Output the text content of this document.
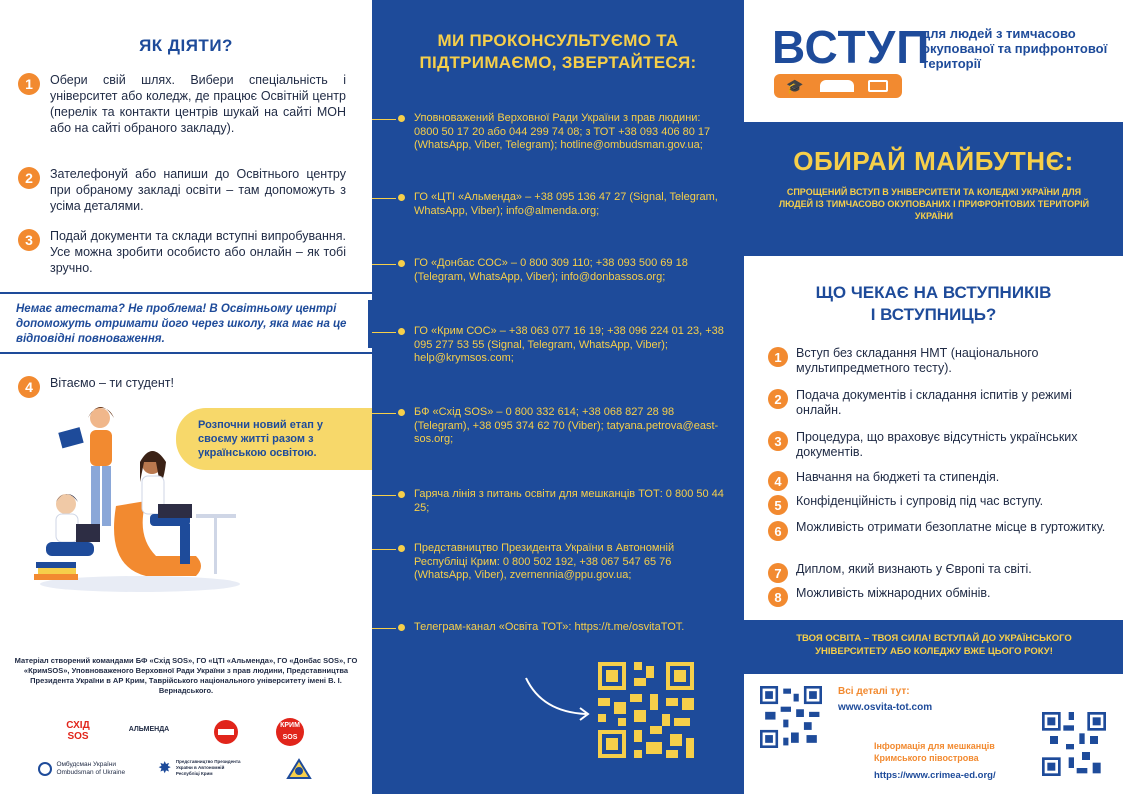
ЯК ДІЯТИ?
1	Обери свій шлях. Вибери спеціальність і університет або коледж, де працює Освітній центр (перелік та контакти центрів шукай на сайті МОН або на сайті обраного закладу).

2	Зателефонуй або напиши до Освітнього центру при обраному закладі освіти – там допоможуть з усіма деталями.

3	Подай документи та склади вступні випробування. Усе можна зробити особисто або онлайн – як тобі зручно.

Немає атестата? Не проблема! В Освітньому центрі допоможуть отримати його через школу, яка має на це відповідні повноваження.
4	Вітаємо – ти студент!

Розпочни новий етап у своєму житті разом з українською освітою.

Матеріал створений командами БФ «Схід SOS», ГО «ЦТІ «Альменда», ГО «Донбас SOS», ГО «КримSOS», Уповноваженого Верховної Ради України з прав людини, Представництва Президента України в АР Крим, Таврійського національного університету імені В. І. Вернадського.

СХІД SOS
АЛЬМЕНДА
КРИМ SOS

Омбудсман України
Ombudsman of Ukraine ✸ Представництво Президента України в Автономній Республіці Крим
МИ ПРОКОНСУЛЬТУЄМО ТА
ПІДТРИМАЄМО, ЗВЕРТАЙТЕСЯ:
Уповноважений Верховної Ради України з прав людини: 0800 50 17 20 або 044 299 74 08; з ТОТ +38 093 406 80 17 (WhatsApp, Viber, Telegram); hotline@ombudsman.gov.ua;
ГО «ЦТІ «Альменда» – +38 095 136 47 27 (Signal, Telegram, WhatsApp, Viber); info@almenda.org;
ГО «Донбас СОС» – 0 800 309 110; +38 093 500 69 18 (Telegram, WhatsApp, Viber); info@donbassos.org;
ГО «Крим СОС» – +38 063 077 16 19; +38 096 224 01 23, +38 095 277 53 55 (Signal, Telegram, WhatsApp, Viber); help@krymsos.com;
БФ «Схід SOS» – 0 800 332 614; +38 068 827 28 98 (Telegram), +38 095 374 62 70 (Viber); tatyana.petrova@east-sos.org;
Гаряча лінія з питань освіти для мешканців ТОТ: 0 800 50 44 25;
Представництво Президента України в Автономній Республіці Крим: 0 800 502 192, +38 067 547 65 76 (WhatsApp, Viber), zvernennia@ppu.gov.ua;
Телеграм-канал «Освіта ТОТ»: https://t.me/osvitaTOT.
ВСТУП
🎓

для людей з тимчасово окупованої та прифронтової території

ОБИРАЙ МАЙБУТНЄ:

СПРОЩЕНИЙ ВСТУП В УНІВЕРСИТЕТИ ТА КОЛЕДЖІ УКРАЇНИ ДЛЯ ЛЮДЕЙ ІЗ ТИМЧАСОВО ОКУПОВАНИХ І ПРИФРОНТОВИХ ТЕРИТОРІЙ УКРАЇНИ

ЩО ЧЕКАЄ НА ВСТУПНИКІВ
І ВСТУПНИЦЬ?
1	Вступ без складання НМТ (національного мультипредметного тесту).

2	Подача документів і складання іспитів у режимі онлайн.

3	Процедура, що враховує відсутність українських документів.

4	Навчання на бюджеті та стипендія.

5	Конфіденційність і супровід під час вступу.

6	Можливість отримати безоплатне місце в гуртожитку.

7	Диплом, який визнають у Європі та світі.

8	Можливість міжнародних обмінів.

ТВОЯ ОСВІТА – ТВОЯ СИЛА! ВСТУПАЙ ДО УКРАЇНСЬКОГО УНІВЕРСИТЕТУ АБО КОЛЕДЖУ ВЖЕ ЦЬОГО РОКУ!

Всі деталі тут:
www.osvita-tot.com
Інформація для мешканців Кримського півострова
https://www.crimea-ed.org/
